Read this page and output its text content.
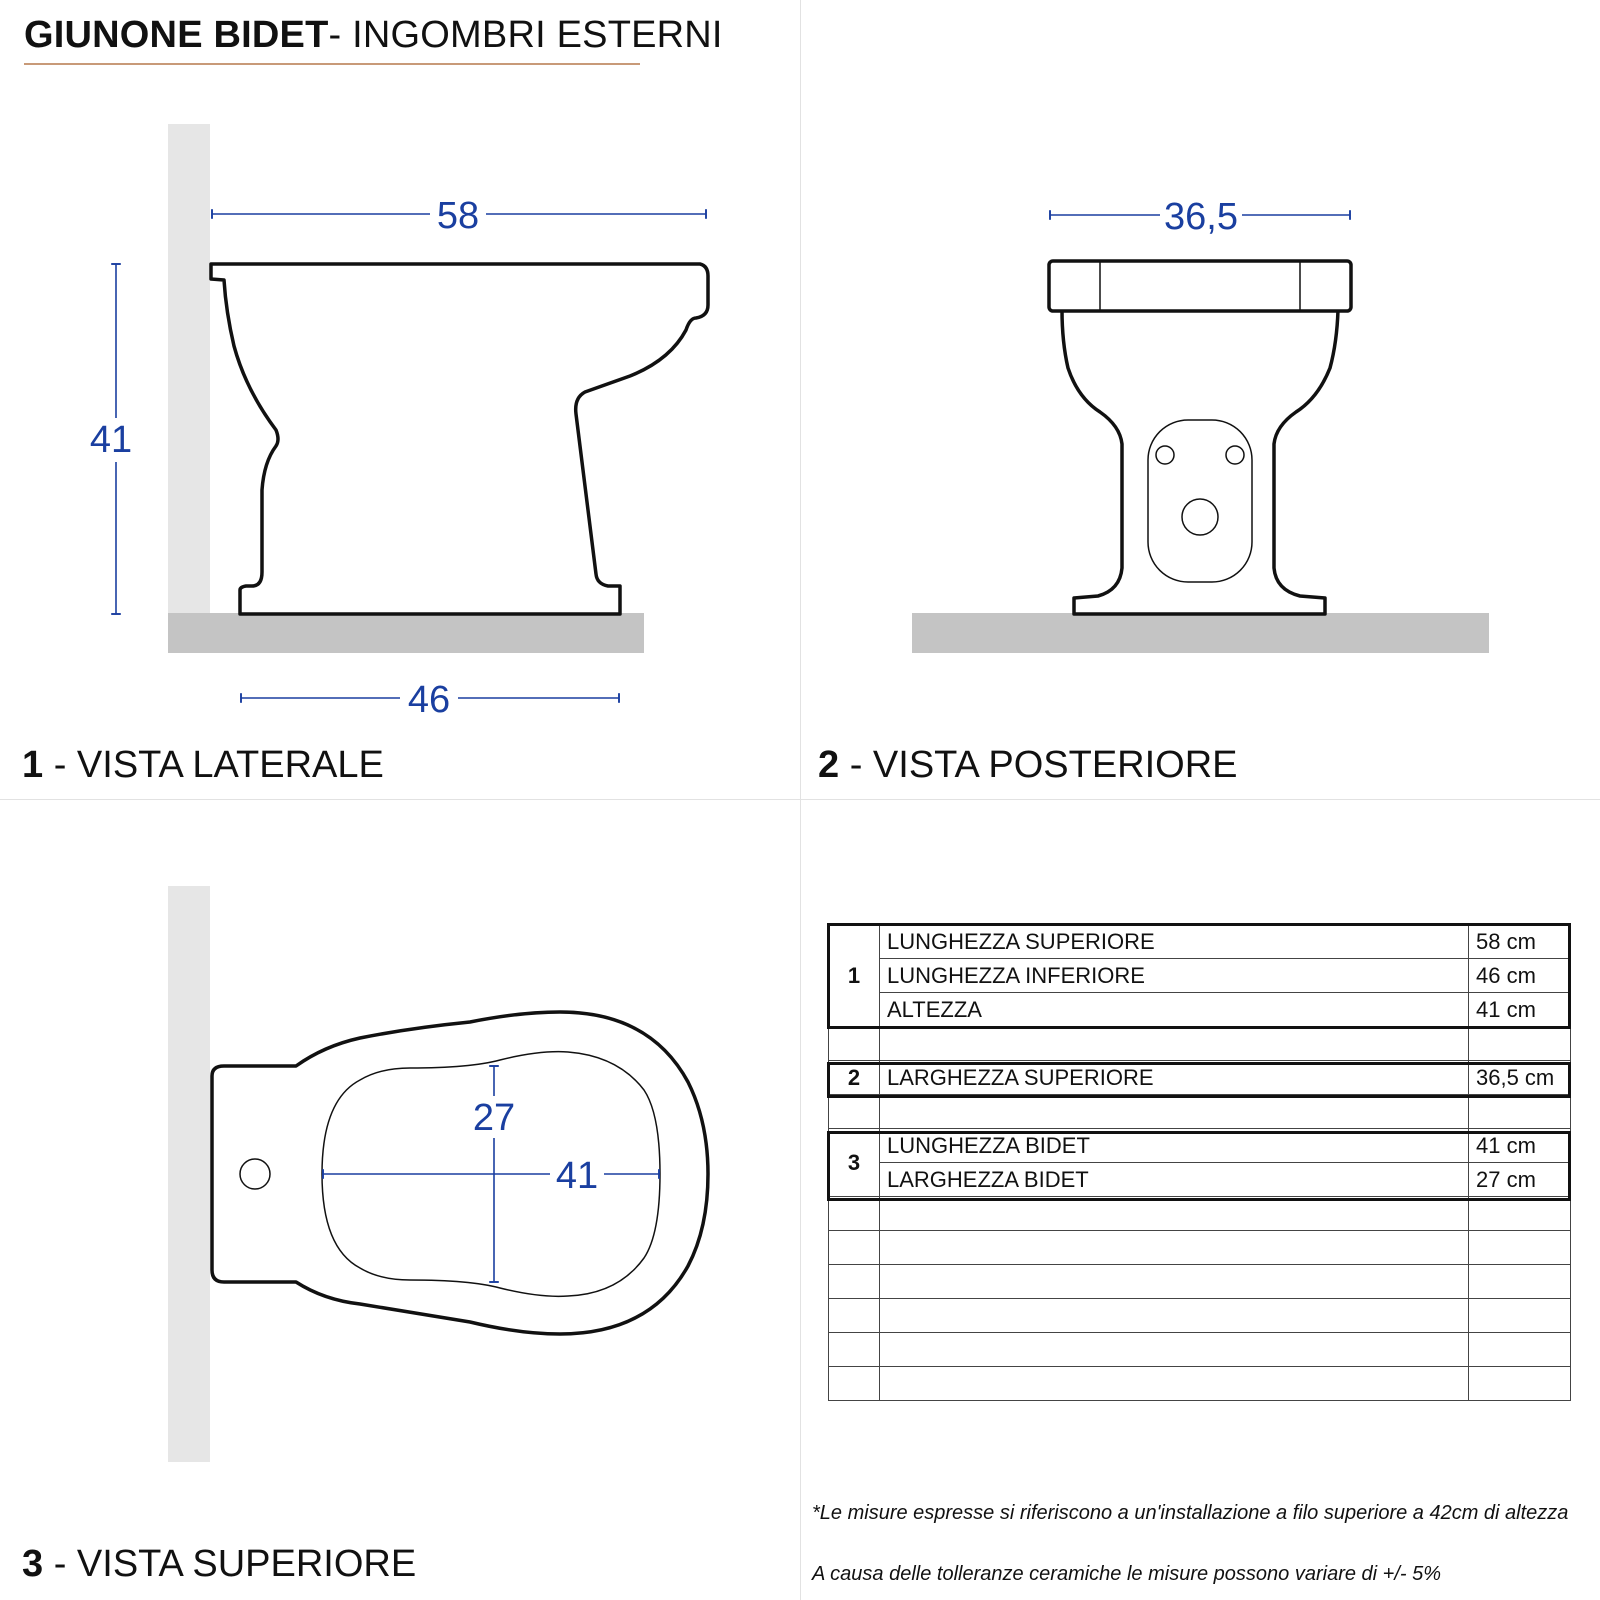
GIUNONE BIDET- INGOMBRI ESTERNI
58
41
46
36,5
27
41
1 - VISTA LATERALE	2 - VISTA POSTERIORE
3 - VISTA SUPERIORE
1	LUNGHEZZA SUPERIORE	58 cm
	LUNGHEZZA INFERIORE	46 cm
	ALTEZZA	41 cm

2	LARGHEZZA SUPERIORE	36,5 cm

3	LUNGHEZZA BIDET	41 cm
	LARGHEZZA BIDET	27 cm

*Le misure espresse si riferiscono a un'installazione a filo superiore a 42cm di altezza
A causa delle tolleranze ceramiche le misure possono variare di +/- 5%
